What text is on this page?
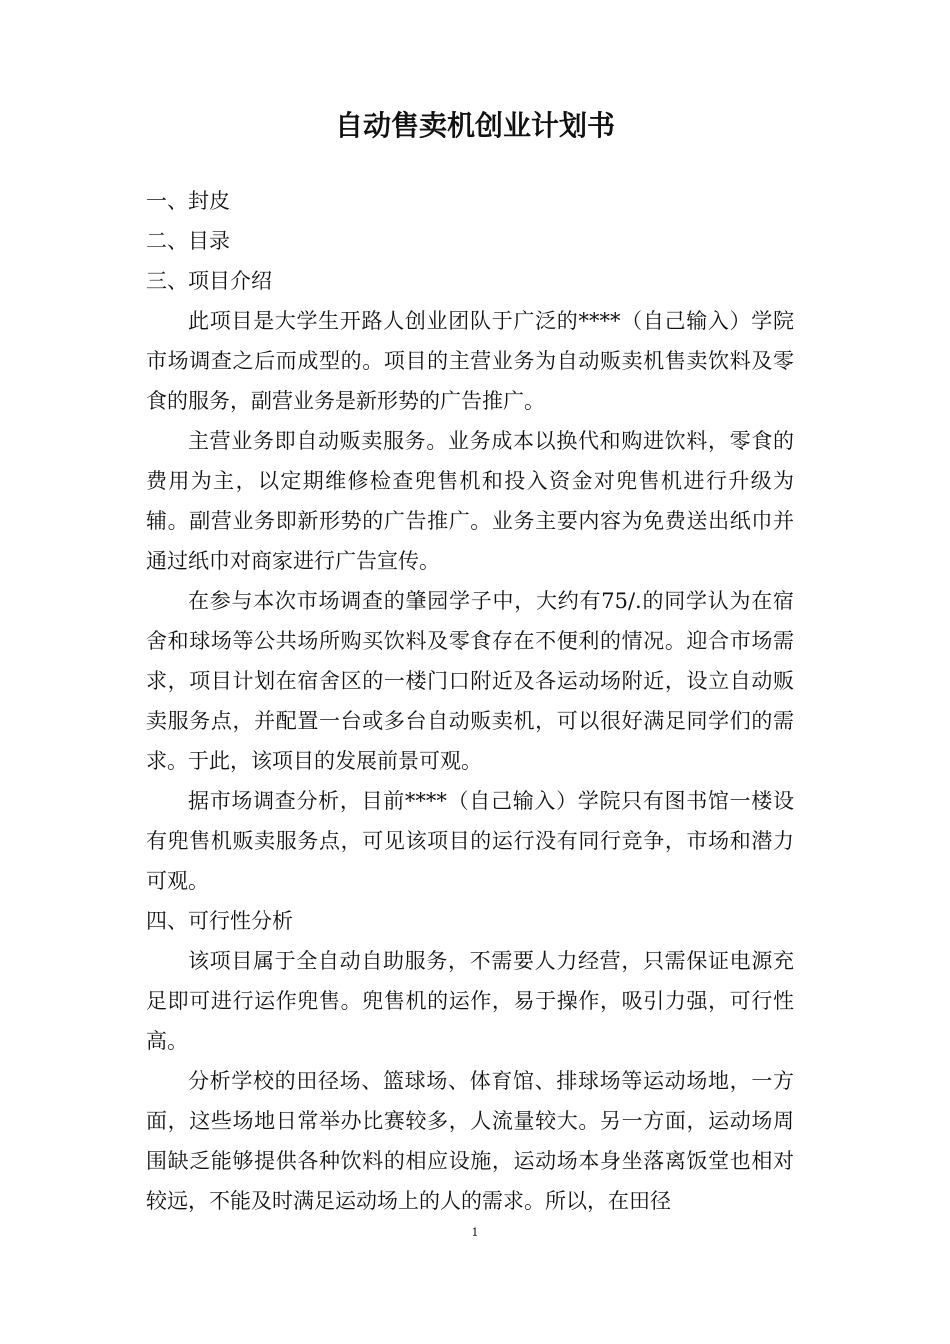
自动售卖机创业计划书

一、封皮

二、目录

三、项目介绍

此项目是大学生开路人创业团队于广泛的****（自己输入）学院市场调查之后而成型的。项目的主营业务为自动贩卖机售卖饮料及零食的服务，副营业务是新形势的广告推广。

主营业务即自动贩卖服务。业务成本以换代和购进饮料，零食的费用为主，以定期维修检查兜售机和投入资金对兜售机进行升级为辅。副营业务即新形势的广告推广。业务主要内容为免费送出纸巾并通过纸巾对商家进行广告宣传。

在参与本次市场调查的肇园学子中，大约有75/.的同学认为在宿舍和球场等公共场所购买饮料及零食存在不便利的情况。迎合市场需求，项目计划在宿舍区的一楼门口附近及各运动场附近，设立自动贩卖服务点，并配置一台或多台自动贩卖机，可以很好满足同学们的需求。于此，该项目的发展前景可观。

据市场调查分析，目前****（自己输入）学院只有图书馆一楼设有兜售机贩卖服务点，可见该项目的运行没有同行竞争，市场和潜力可观。

四、可行性分析

该项目属于全自动自助服务，不需要人力经营，只需保证电源充足即可进行运作兜售。兜售机的运作，易于操作，吸引力强，可行性高。

分析学校的田径场、篮球场、体育馆、排球场等运动场地，一方面，这些场地日常举办比赛较多，人流量较大。另一方面，运动场周围缺乏能够提供各种饮料的相应设施，运动场本身坐落离饭堂也相对较远，不能及时满足运动场上的人的需求。所以，在田径

1
